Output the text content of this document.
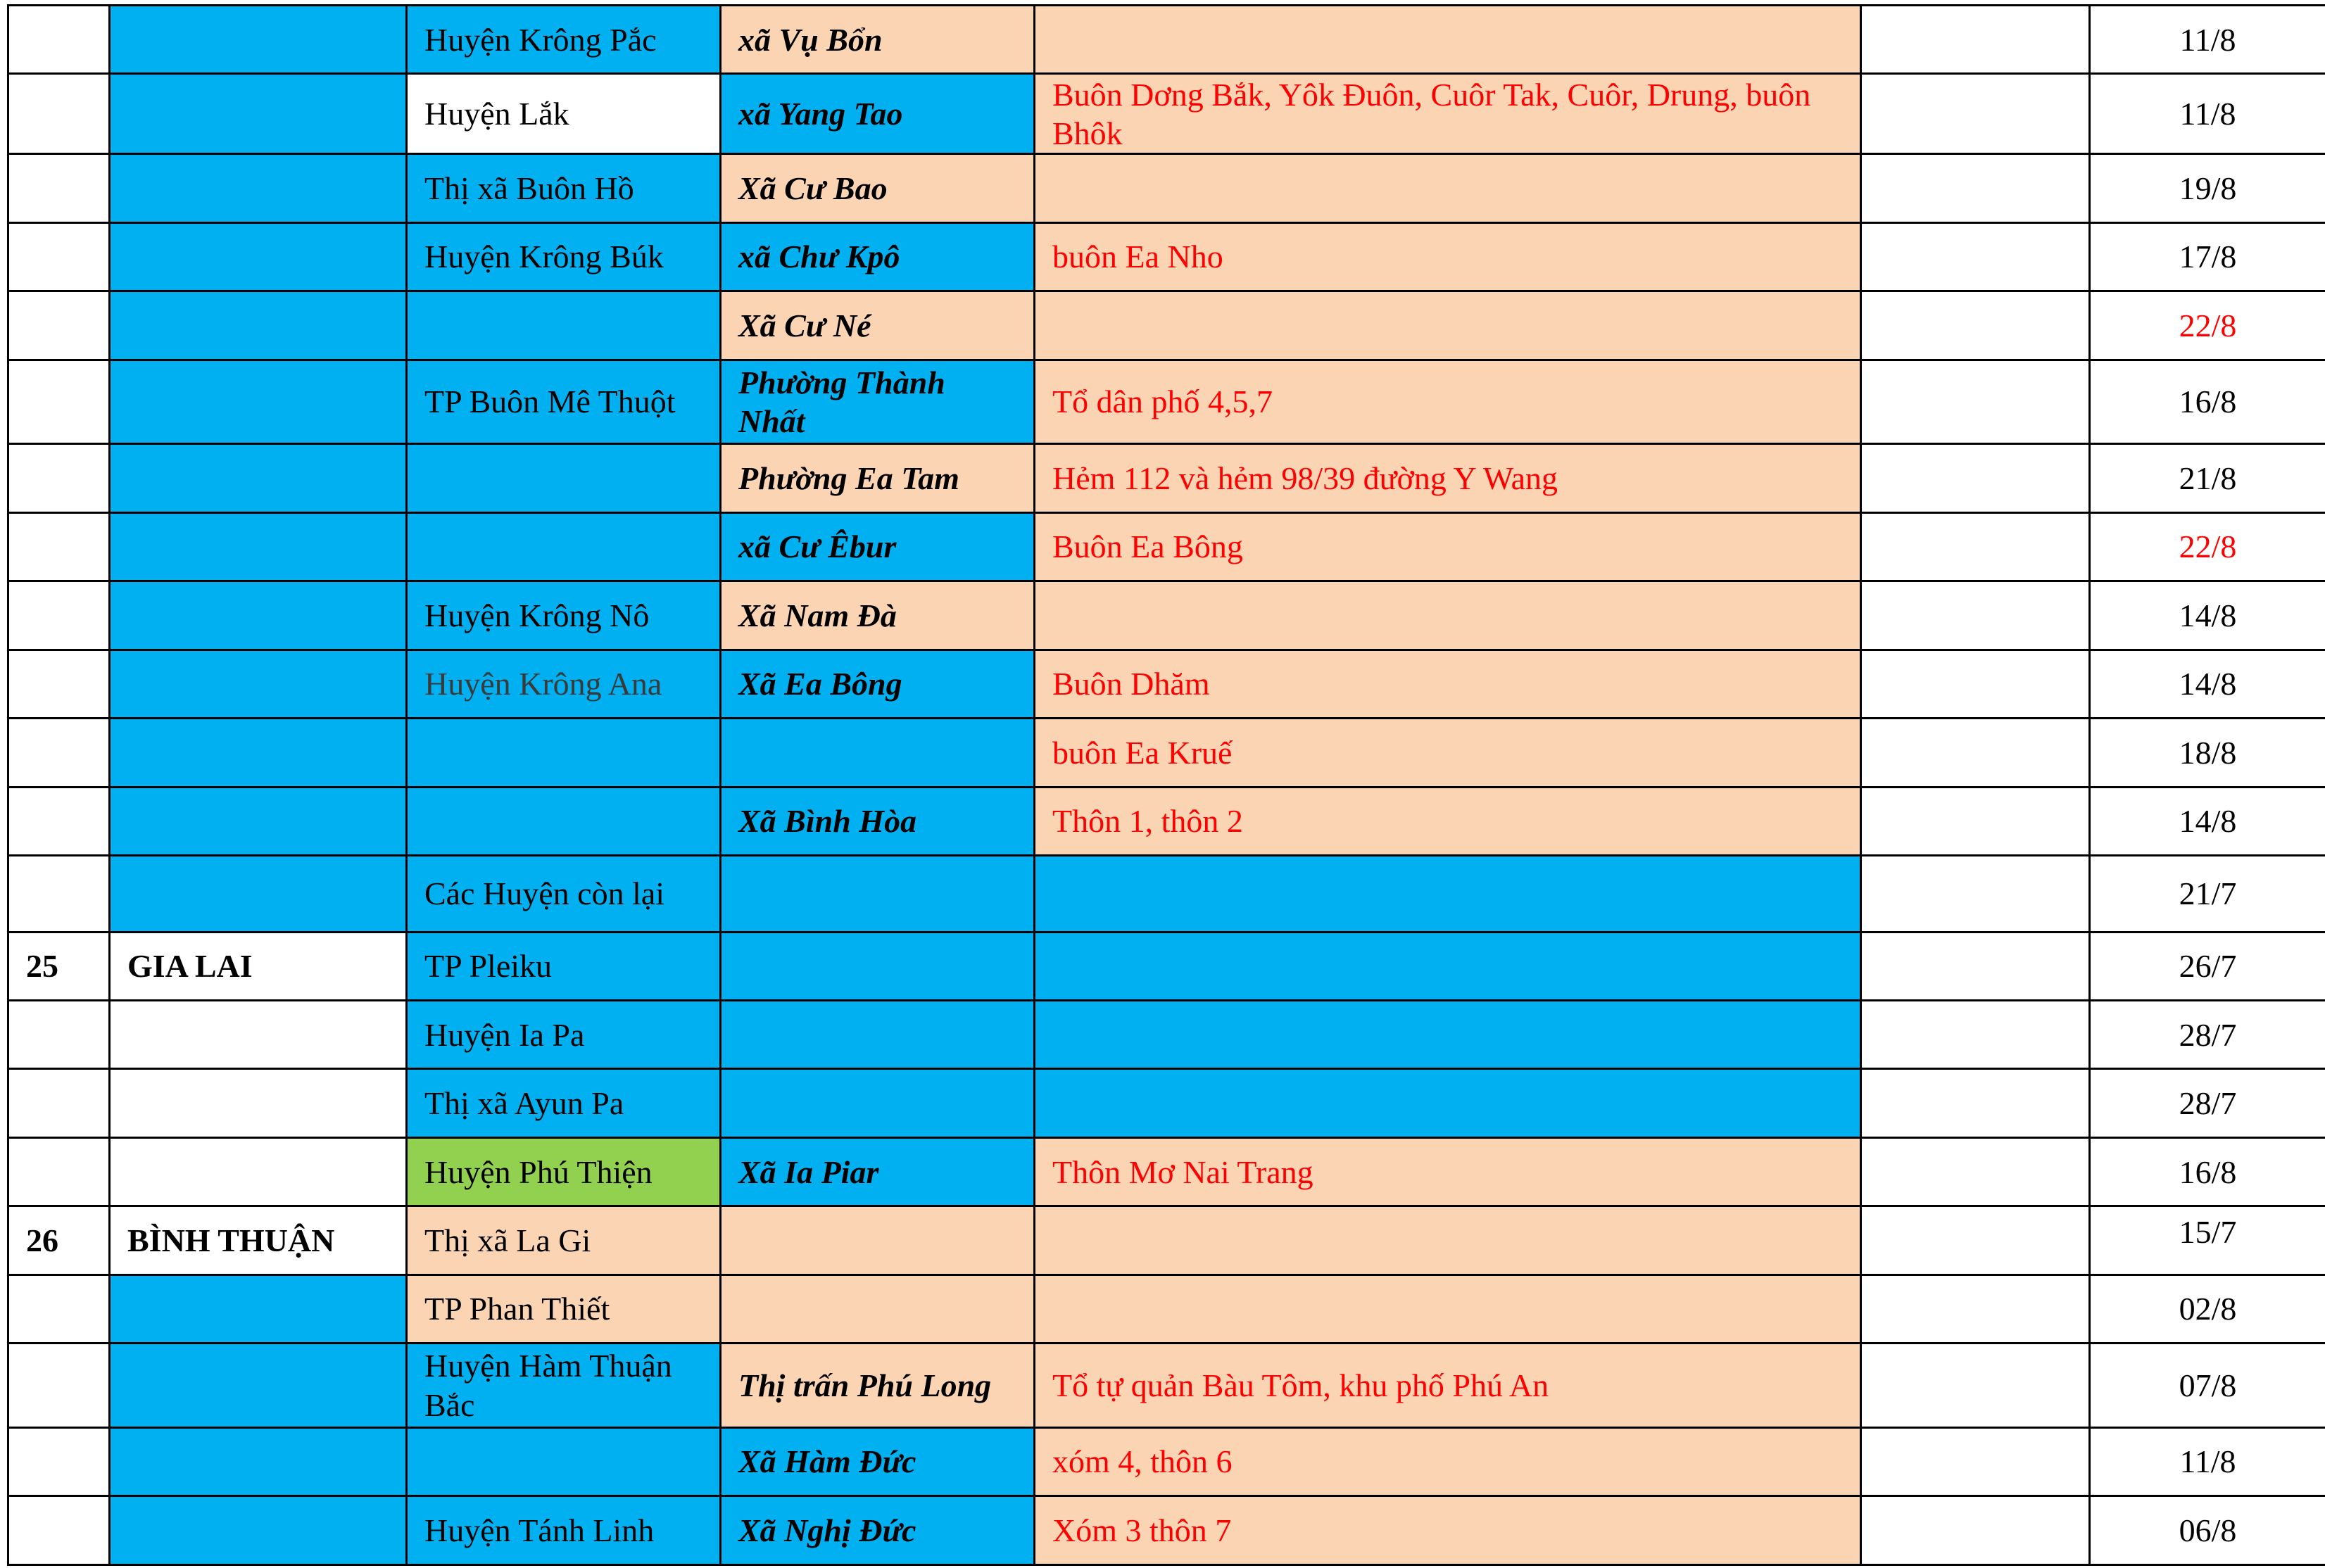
		Huyện Krông Pắc	xã Vụ Bổn			11/8
		Huyện Lắk	xã Yang Tao	Buôn Dơng Bắk, Yôk Đuôn, Cuôr Tak, Cuôr, Drung, buôn Bhôk		11/8
		Thị xã Buôn Hồ	Xã Cư Bao			19/8
		Huyện Krông Búk	xã Chư Kpô	buôn Ea Nho		17/8
			Xã Cư Né			22/8
		TP Buôn Mê Thuột	Phường Thành Nhất	Tổ dân phố 4,5,7		16/8
			Phường Ea Tam	Hẻm 112 và hẻm 98/39 đường Y Wang		21/8
			xã Cư Êbur	Buôn Ea Bông		22/8
		Huyện Krông Nô	Xã Nam Đà			14/8
		Huyện Krông Ana	Xã Ea Bông	Buôn Dhăm		14/8
				buôn Ea Kruế		18/8
			Xã Bình Hòa	Thôn 1, thôn 2		14/8
		Các Huyện còn lại				21/7
25	GIA LAI	TP Pleiku				26/7
		Huyện Ia Pa				28/7
		Thị xã Ayun Pa				28/7
		Huyện Phú Thiện	Xã Ia Piar	Thôn Mơ Nai Trang		16/8
26	BÌNH THUẬN	Thị xã La Gi				15/7
		TP Phan Thiết				02/8
		Huyện Hàm Thuận Bắc	Thị trấn Phú Long	Tổ tự quản Bàu Tôm, khu phố Phú An		07/8
			Xã Hàm Đức	xóm 4, thôn 6		11/8
		Huyện Tánh Linh	Xã Nghị Đức	Xóm 3 thôn 7		06/8
